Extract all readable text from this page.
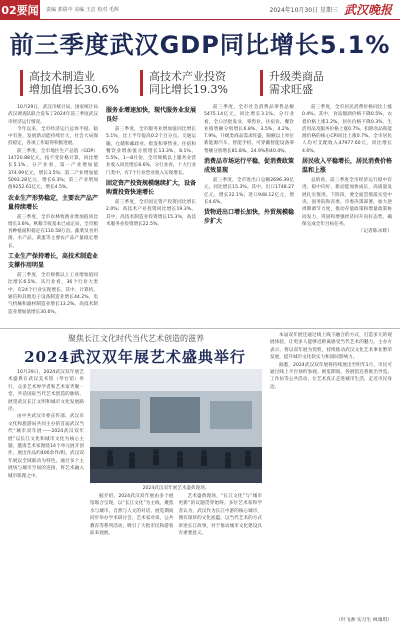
02要闻 责编 郭倩中 美编 王洁 校对 毛辉	2024年10月30日 星期三 武汉晚报
前三季度武汉GDP同比增长5.1%
高技术制造业
增加值增长30.6%
高技术产业投资
同比增长19.3%
升级类商品
需求旺盛

10月29日，武汉市统计局、国家统计局武汉调查队联合发布了2024年前三季度武汉市经济运行情况。

今年以来，全市经济运行总体平稳、稳中有进，发展新动能持续壮大，社会大局保持稳定，各项工作取得积极进展。

前三季度，全市地区生产总值（GDP）14720.88亿元，按不变价格计算，同比增长5.1%。分产业看，第一产业增加值374.99亿元，增长3.5%；第二产业增加值5093.28亿元，增长6.3%；第三产业增加值9252.61亿元，增长4.5%。

农业生产形势稳定，主要农产品产量持续增长

前三季度，全市农林牧渔业增加值同比增长3.6%。秋粮丰收基本已成定局，全市粮食种植面积稳定在110.58万亩。蔬菜及食用菌、水产品、禽蛋等主要农产品产量稳定增长。

工业生产保持增长，高技术制造业支撑作用明显

前三季度，全市规模以上工业增加值同比增长6.5%。从行业看，36个行业大类中，有24个行业实现增长。其中，计算机、通信和其他电子设备制造业增长44.2%，电气机械和器材制造业增长13.2%。高技术制造业增加值增长30.6%。

服务业增速加快，现代服务业发展良好

前三季度，全市服务业增加值同比增长5.1%，比上半年提高0.2个百分点。交通运输、仓储和邮政业、批发和零售业、住宿和餐饮业增加值分别增长13.3%、8.1%、5.5%。1—8月份，全市规模以上服务业营业收入同比增长8.6%，分行业看，十大行业门类中，有7个行业营业收入实现增长。

固定资产投资规模继续扩大，设备购置投资快速增长

前三季度，全市固定资产投资同比增长2.0%；高技术产业投资同比增长19.3%。其中，高技术制造业投资增长15.3%，高技术服务业投资增长22.5%。

前三季度，全市社会消费品零售总额5475.14亿元，同比增长3.1%。分行业看，全口径批发业、零售业、住宿业、餐饮业销售额分别增长6.8%、3.5%、4.2%、7.9%。升级类商品需求旺盛，限额以上单位新能源汽车、智能手机、可穿戴智能设备零售额分别增长81.8%、24.9%和40.4%。

消费品市场运行平稳，促消费政策成效显现

前三季度，全市进出口总额2696.39亿元，同比增长15.3%。其中，出口1748.27亿元，增长22.1%；进口948.12亿元，增长4.6%。

货物进出口增长加快，外贸规模稳步扩大

前三季度，全市居民消费价格同比上涨0.4%。其中，食品烟酒价格下降0.5%，衣着价格上涨1.2%，居住价格下降0.3%，生活用品及服务价格上涨0.7%。扣除食品和能源价格的核心CPI同比上涨0.7%。全市居民人均可支配收入47977.60元，同比增长4.6%。

居民收入平稳增长，居民消费价格温和上涨

总的看，前三季度全市经济运行稳中有进、稳中向好，新动能加快成长，高质量发展扎实推进。下阶段，要全面贯彻落实党中央、国务院和省委、市委决策部署，加大逆周期调节力度，推动存量政策和增量政策协同发力，巩固和增强经济回升向好态势，确保完成全年目标任务。

（记者陈永辉）
聚焦长江文化时代当代艺术创造的滋养
2024武汉双年展艺术盛典举行

10月29日，2024武汉双年展艺术盛典在武汉美术馆（琴台馆）举行，众多艺术界学者和艺术家齐聚一堂，共话国际当代艺术创造的脉络、展望武汉长江文明和城市文化发展路径。

由中共武汉市委宣传部、武汉市文化和旅游局共同主办的首届武汉当代“城市双年展——2024武汉双年展”以长江文化和城市文化为核心主题，邀请艺术家围绕14个单元展开创作，展出作品约400余件/组。武汉双年展以全域联动为特色，通过多个主展场与城市空间的连接，将艺术融入城市肌理之中。

2024武汉双年展艺术盛典现场。

据介绍，2024武汉双年展由多个展馆联合呈现，以“长江文化”为主线，聚焦水与城市、自然与人文的对话。展览期间同步举办学术研讨会、艺术家对谈、公共教育等系列活动，吸引了大批市民和游客前来观展。

艺术盛典现场，“长江文化”与“城市更新”的议题贯穿始终。多位艺术家和学者认为，武汉作为长江中游的核心城市，拥有深厚的文化底蕴，以当代艺术的方式讲述长江故事，对于推动城市文化建设具有重要意义。

本届双年展还通过线上线下融合的方式，打造多元的观展体验，让更多人能够近距离感受当代艺术的魅力。主办方表示，将以双年展为契机，持续推动武汉文化艺术事业繁荣发展，提升城市文化软实力和国际影响力。

据悉，2024武汉双年展将持续展出至明年1月，市民可通过线上平台预约参观。展览期间，各展馆还将推出导览、工作坊等公共活动，让艺术真正走进城市生活、走近市民身边。

（叶飞帅 实习生 林康琪）
